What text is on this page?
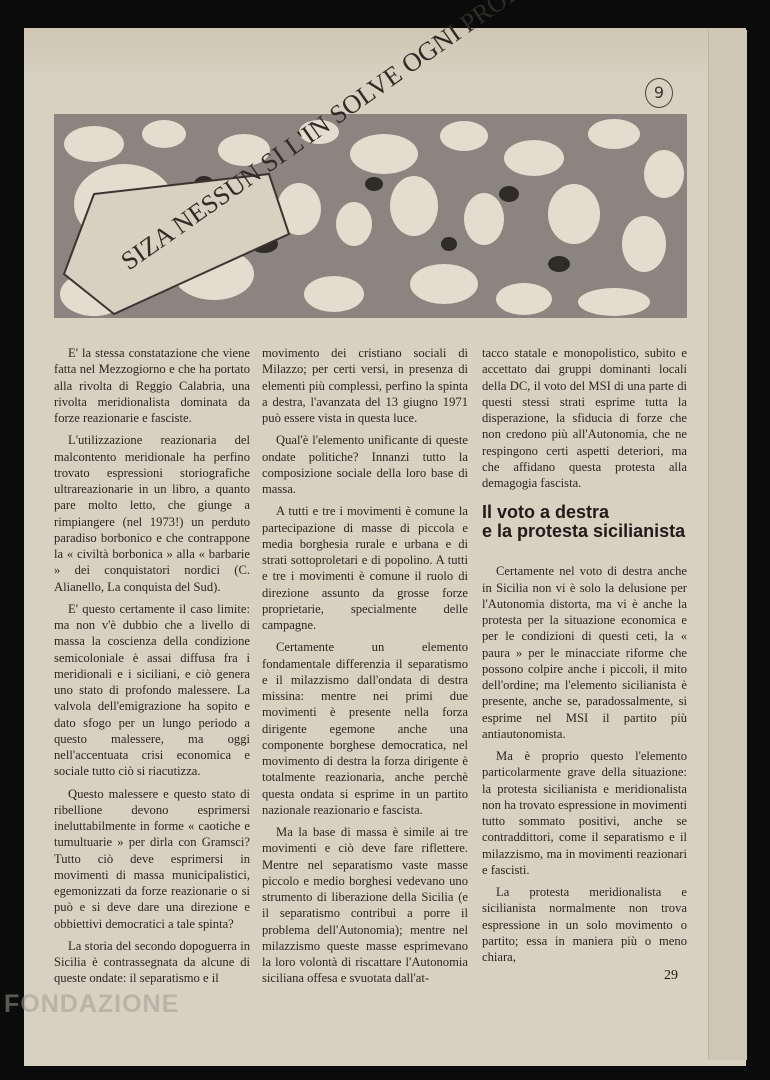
9

E' la stessa constatazione che viene fatta nel Mezzogiorno e che ha portato alla rivolta di Reggio Calabria, una rivolta meridionalista dominata da forze reazionarie e fasciste.

L'utilizzazione reazionaria del malcontento meridionale ha perfino trovato espressioni storiografiche ultrareazionarie in un libro, a quanto pare molto letto, che giunge a rimpiangere (nel 1973!) un perduto paradiso borbonico e che contrappone la « civiltà borbonica » alla « barbarie » dei conquistatori nordici (C. Alianello, La conquista del Sud).

E' questo certamente il caso limite: ma non v'è dubbio che a livello di massa la coscienza della condizione semicoloniale è assai diffusa fra i meridionali e i siciliani, e ciò genera uno stato di profondo malessere. La valvola dell'emigrazione ha sopito e dato sfogo per un lungo periodo a questo malessere, ma oggi nell'accentuata crisi economica e sociale tutto ciò si riacutizza.

Questo malessere e questo stato di ribellione devono esprimersi ineluttabilmente in forme « caotiche e tumultuarie » per dirla con Gramsci? Tutto ciò deve esprimersi in movimenti di massa municipalistici, egemonizzati da forze reazionarie o si può e si deve dare una direzione e obbiettivi democratici a tale spinta?

La storia del secondo dopoguerra in Sicilia è contrassegnata da alcune di queste ondate: il separatismo e il

movimento dei cristiano sociali di Milazzo; per certi versi, in presenza di elementi più complessi, perfino la spinta a destra, l'avanzata del 13 giugno 1971 può essere vista in questa luce.

Qual'è l'elemento unificante di queste ondate politiche? Innanzi tutto la composizione sociale della loro base di massa.

A tutti e tre i movimenti è comune la partecipazione di masse di piccola e media borghesia rurale e urbana e di strati sottoproletari e di popolino. A tutti e tre i movimenti è comune il ruolo di direzione assunto da grosse forze proprietarie, specialmente delle campagne.

Certamente un elemento fondamentale differenzia il separatismo e il milazzismo dall'ondata di destra missina: mentre nei primi due movimenti è presente nella forza dirigente egemone anche una componente borghese democratica, nel movimento di destra la forza dirigente è totalmente reazionaria, anche perchè questa ondata si esprime in un partito nazionale reazionario e fascista.

Ma la base di massa è simile ai tre movimenti e ciò deve fare riflettere. Mentre nel separatismo vaste masse piccolo e medio borghesi vedevano uno strumento di liberazione della Sicilia (e il separatismo contribuì a porre il problema dell'Autonomia); mentre nel milazzismo queste masse esprimevano la loro volontà di riscattare l'Autonomia siciliana offesa e svuotata dall'at-

tacco statale e monopolistico, subito e accettato dai gruppi dominanti locali della DC, il voto del MSI di una parte di questi stessi strati esprime tutta la disperazione, la sfiducia di forze che non credono più all'Autonomia, che ne respingono certi aspetti deteriori, ma che affidano questa protesta alla demagogia fascista.

Il voto a destra
e la protesta sicilianista

Certamente nel voto di destra anche in Sicilia non vi è solo la delusione per l'Autonomia distorta, ma vi è anche la protesta per la situazione economica e per le condizioni di questi ceti, la « paura » per le minacciate riforme che possono colpire anche i piccoli, il mito dell'ordine; ma l'elemento sicilianista è presente, anche se, paradossalmente, si esprime nel MSI il partito più antiautonomista.

Ma è proprio questo l'elemento particolarmente grave della situazione: la protesta sicilianista e meridionalista non ha trovato espressione in movimenti tutto sommato positivi, anche se contraddittori, come il separatismo e il milazzismo, ma in movimenti reazionari e fascisti.

La protesta meridionalista e sicilianista normalmente non trova espressione in un solo movimento o partito; essa in maniera più o meno chiara,

29
FONDAZIONE
